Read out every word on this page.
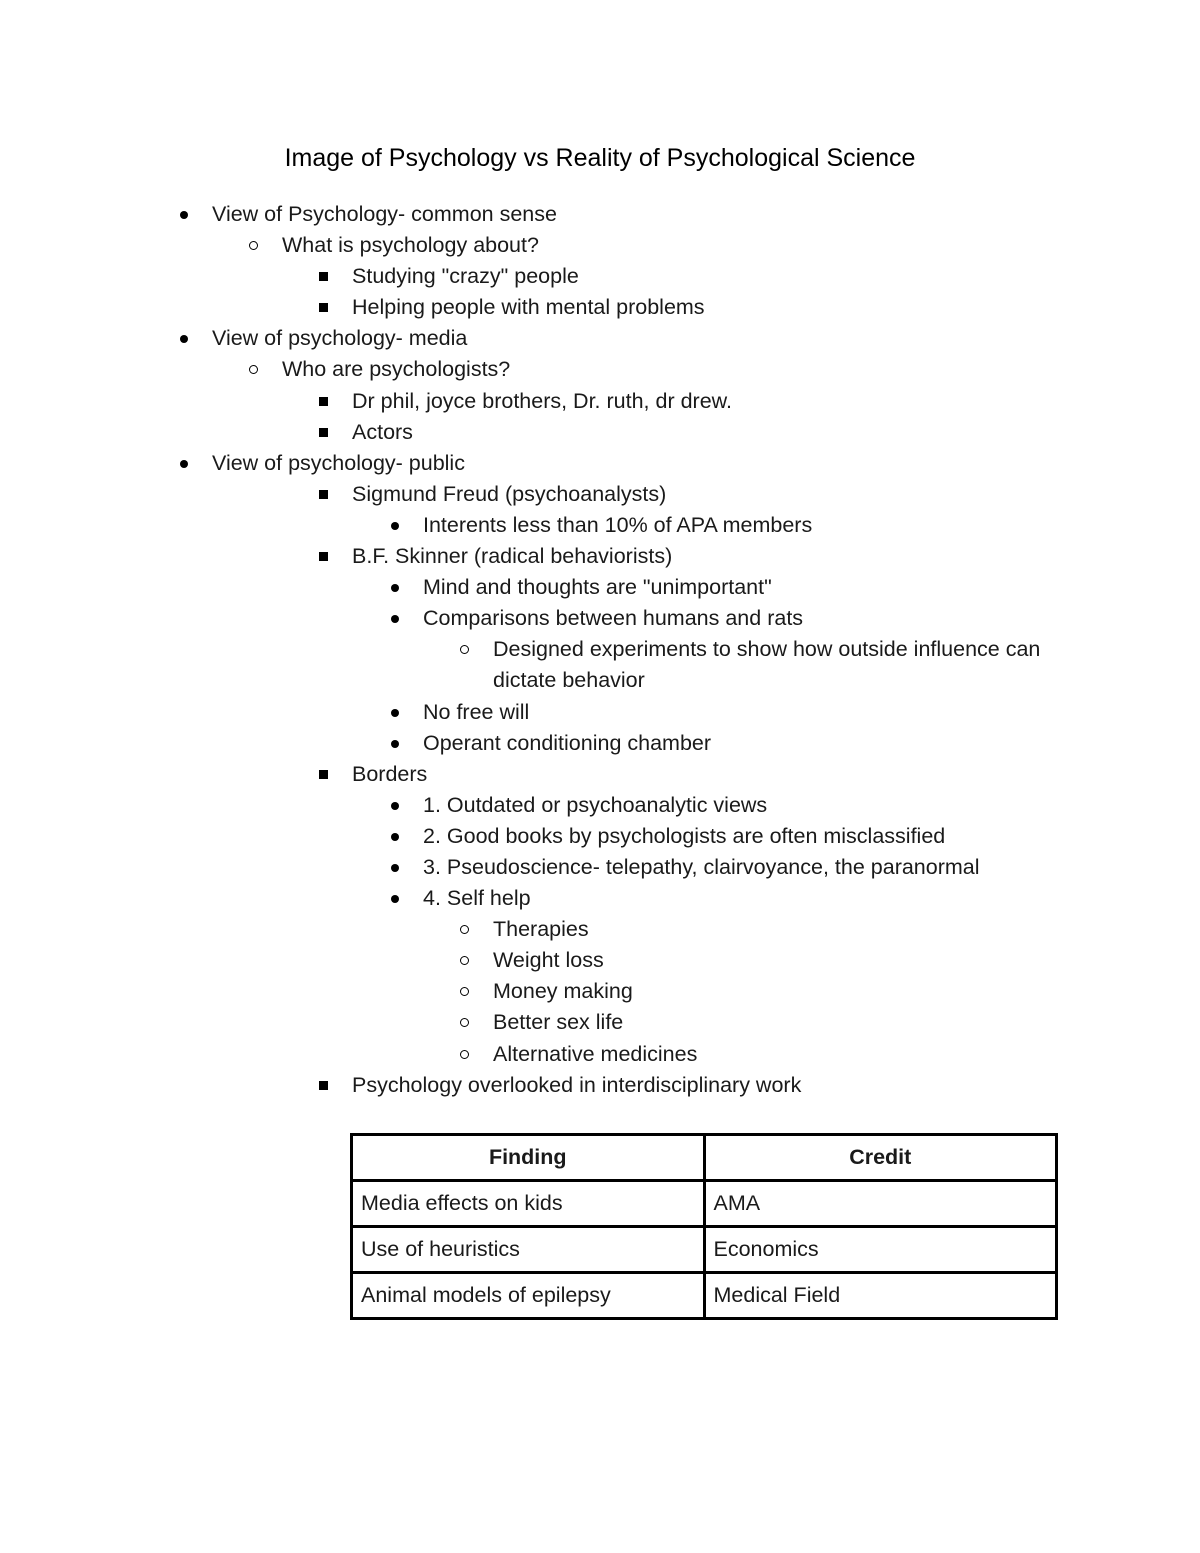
Image of Psychology vs Reality of Psychological Science
View of Psychology- common sense
What is psychology about?
Studying "crazy" people
Helping people with mental problems
View of psychology- media
Who are psychologists?
Dr phil, joyce brothers, Dr. ruth, dr drew.
Actors
View of psychology- public
Sigmund Freud (psychoanalysts)
Interents less than 10% of APA members
B.F. Skinner (radical behaviorists)
Mind and thoughts are "unimportant"
Comparisons between humans and rats
Designed experiments to show how outside influence can dictate behavior
No free will
Operant conditioning chamber
Borders
1. Outdated or psychoanalytic views
2. Good books by psychologists are often misclassified
3. Pseudoscience- telepathy, clairvoyance, the paranormal
4. Self help
Therapies
Weight loss
Money making
Better sex life
Alternative medicines
Psychology overlooked in interdisciplinary work
Finding	Credit
Media effects on kids	AMA
Use of heuristics	Economics
Animal models of epilepsy	Medical Field
